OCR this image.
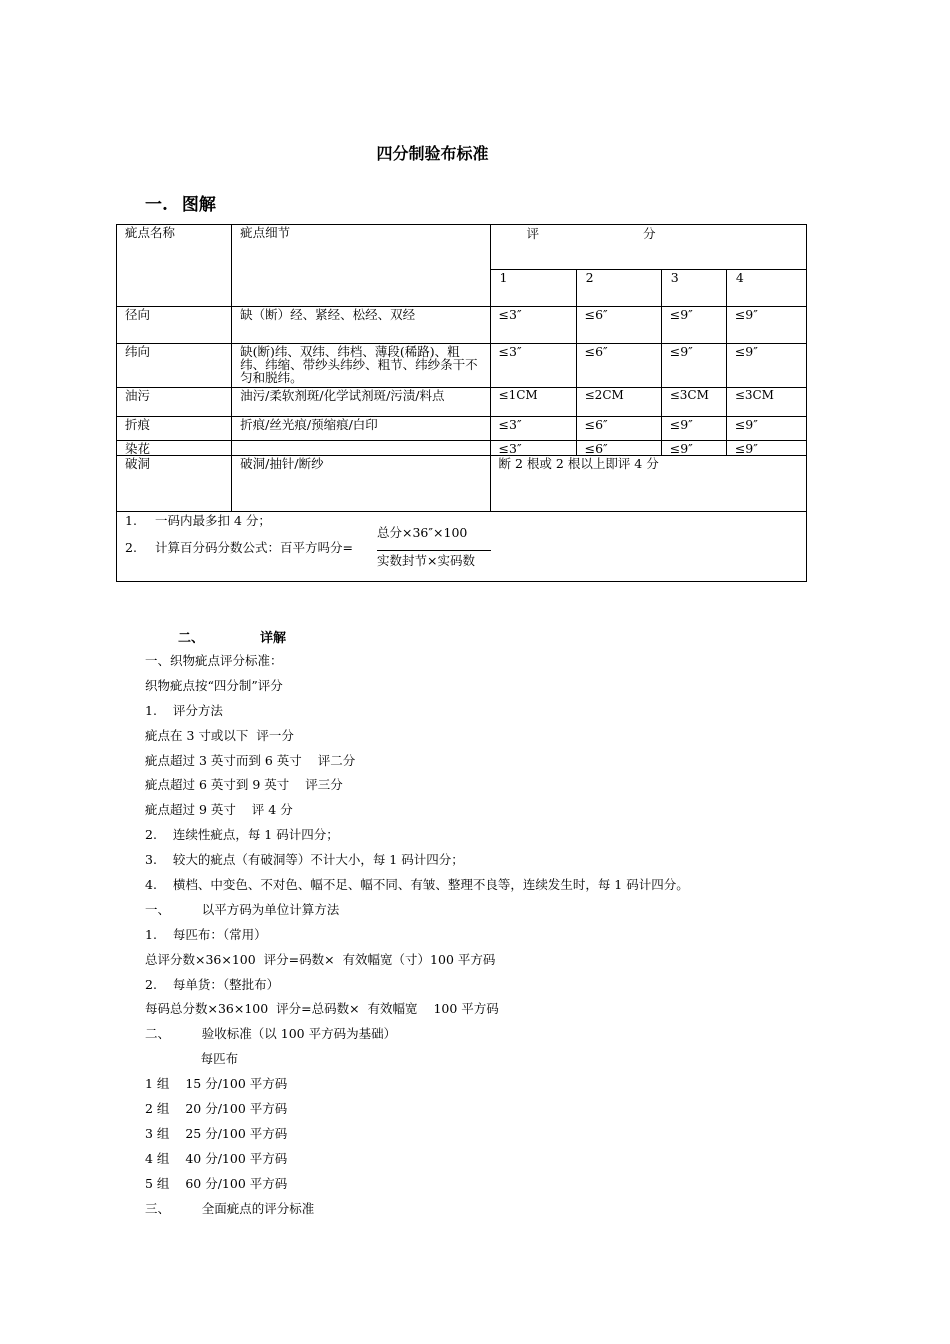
四分制验布标准
一. 图解
疵点名称	疵点细节	评 分			
		1	2	3	4
径向	缺（断）经、紧经、松经、双经	≤3″	≤6″	≤9″	≤9″
纬向	缺(断)纬、双纬、纬档、薄段(稀路)、粗纬、纬缩、带纱头纬纱、粗节、纬纱条干不匀和脱纬。	≤3″	≤6″	≤9″	≤9″
油污	油污/柔软剂斑/化学试剂斑/污渍/料点	≤1CM	≤2CM	≤3CM	≤3CM
折痕	折痕/丝光痕/预缩痕/白印	≤3″	≤6″	≤9″	≤9″
染花		≤3″	≤6″	≤9″	≤9″
破洞	破洞/抽针/断纱	断 2 根或 2 根以上即评 4 分			

1. 一码内最多扣 4 分；
2. 计算百分码分数公式：百平方吗分=
总分×36″×100
实数封节×实码数					
二、	详解
一、织物疵点评分标准：
织物疵点按“四分制”评分
1.    评分方法
疵点在 3 寸或以下  评一分
疵点超过 3 英寸而到 6 英寸    评二分
疵点超过 6 英寸到 9 英寸    评三分
疵点超过 9 英寸    评 4 分
2.    连续性疵点，每 1 码计四分；
3.    较大的疵点（有破洞等）不计大小，每 1 码计四分；
4.    横档、中变色、不对色、幅不足、幅不同、有皱、整理不良等，连续发生时，每 1 码计四分。
一、        以平方码为单位计算方法
1.    每匹布：（常用）
总评分数×36×100  评分=码数×  有效幅宽（寸）100 平方码
2.    每单货：（整批布）
每码总分数×36×100  评分=总码数×  有效幅宽    100 平方码
二、        验收标准（以 100 平方码为基础）
每匹布
1 组    15 分/100 平方码
2 组    20 分/100 平方码
3 组    25 分/100 平方码
4 组    40 分/100 平方码
5 组    60 分/100 平方码
三、        全面疵点的评分标准
